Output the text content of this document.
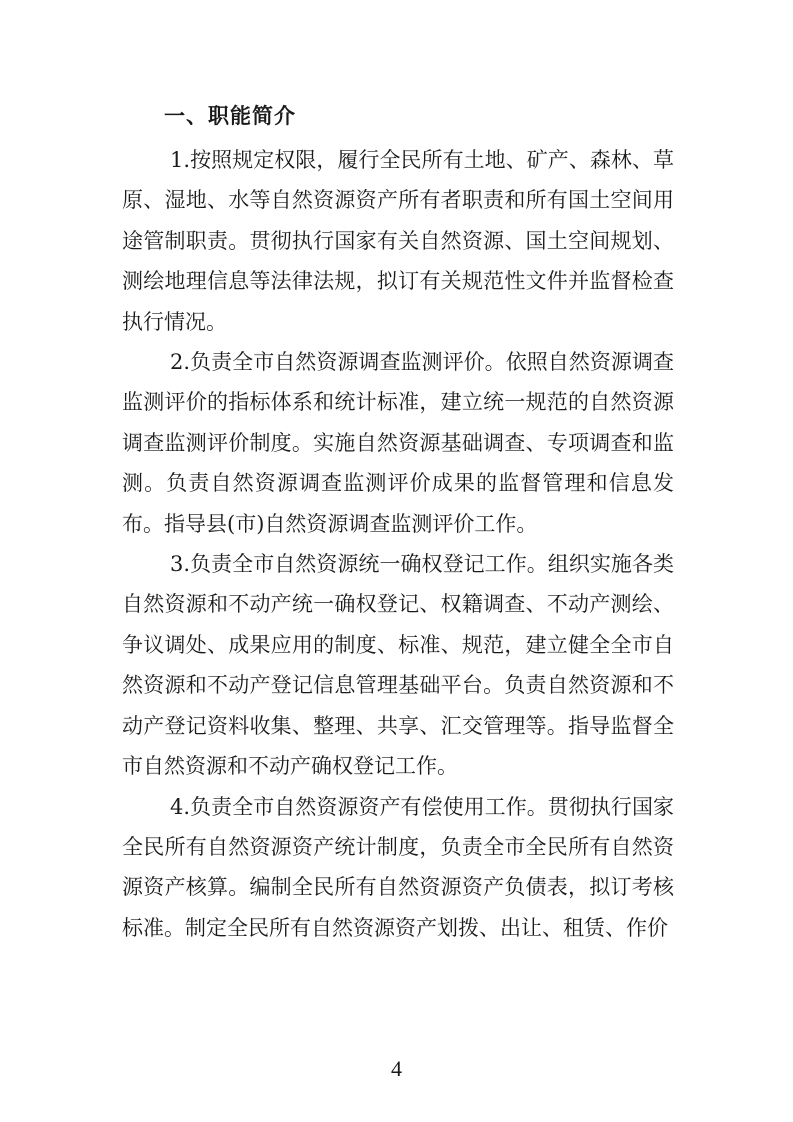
一、职能简介

1.按照规定权限，履行全民所有土地、矿产、森林、草原、湿地、水等自然资源资产所有者职责和所有国土空间用途管制职责。贯彻执行国家有关自然资源、国土空间规划、测绘地理信息等法律法规，拟订有关规范性文件并监督检查执行情况。

2.负责全市自然资源调查监测评价。依照自然资源调查监测评价的指标体系和统计标准，建立统一规范的自然资源调查监测评价制度。实施自然资源基础调查、专项调查和监测。负责自然资源调查监测评价成果的监督管理和信息发布。指导县(市)自然资源调查监测评价工作。

3.负责全市自然资源统一确权登记工作。组织实施各类自然资源和不动产统一确权登记、权籍调查、不动产测绘、争议调处、成果应用的制度、标准、规范，建立健全全市自然资源和不动产登记信息管理基础平台。负责自然资源和不动产登记资料收集、整理、共享、汇交管理等。指导监督全市自然资源和不动产确权登记工作。

4.负责全市自然资源资产有偿使用工作。贯彻执行国家全民所有自然资源资产统计制度，负责全市全民所有自然资源资产核算。编制全民所有自然资源资产负债表，拟订考核标准。制定全民所有自然资源资产划拨、出让、租赁、作价

4
